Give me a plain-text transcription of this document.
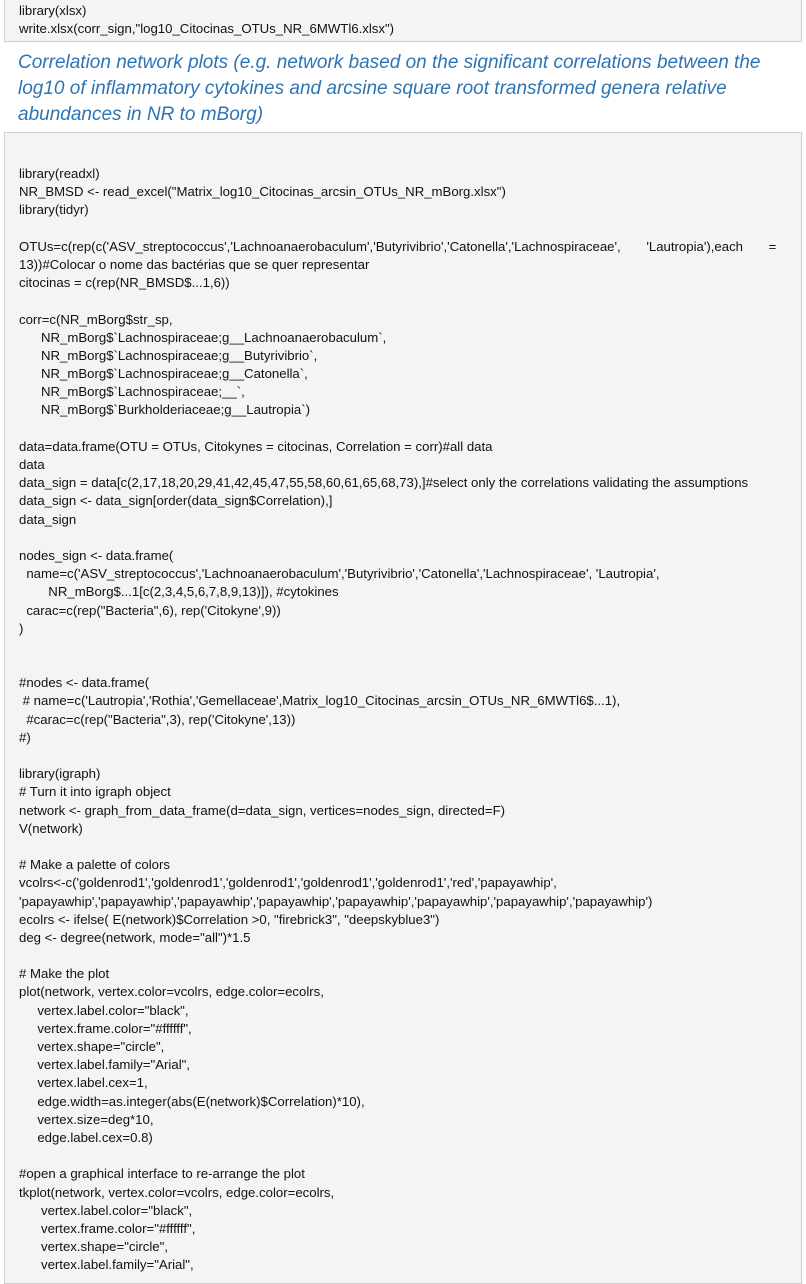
library(xlsx)
write.xlsx(corr_sign,"log10_Citocinas_OTUs_NR_6MWTl6.xlsx")
Correlation network plots (e.g. network based on the significant correlations between the log10 of inflammatory cytokines and arcsine square root transformed genera relative abundances in NR to mBorg)
library(readxl)
NR_BMSD <- read_excel("Matrix_log10_Citocinas_arcsin_OTUs_NR_mBorg.xlsx")
library(tidyr)

OTUs=c(rep(c('ASV_streptococcus','Lachnoanaerobaculum','Butyrivibrio','Catonella','Lachnospiraceae',       'Lautropia'),each       =
13))#Colocar o nome das bactérias que se quer representar
citocinas = c(rep(NR_BMSD$...1,6))

corr=c(NR_mBorg$str_sp,
NR_mBorg$`Lachnospiraceae;g__Lachnoanaerobaculum`,
NR_mBorg$`Lachnospiraceae;g__Butyrivibrio`,
NR_mBorg$`Lachnospiraceae;g__Catonella`,
NR_mBorg$`Lachnospiraceae;__`,
NR_mBorg$`Burkholderiaceae;g__Lautropia`)

data=data.frame(OTU = OTUs, Citokynes = citocinas, Correlation = corr)#all data
data
data_sign = data[c(2,17,18,20,29,41,42,45,47,55,58,60,61,65,68,73),]#select only the correlations validating the assumptions
data_sign <- data_sign[order(data_sign$Correlation),]
data_sign

nodes_sign <- data.frame(
name=c('ASV_streptococcus','Lachnoanaerobaculum','Butyrivibrio','Catonella','Lachnospiraceae', 'Lautropia',
NR_mBorg$...1[c(2,3,4,5,6,7,8,9,13)]), #cytokines
carac=c(rep("Bacteria",6), rep('Citokyne',9))
)

#nodes <- data.frame(
# name=c('Lautropia','Rothia','Gemellaceae',Matrix_log10_Citocinas_arcsin_OTUs_NR_6MWTl6$...1),
#carac=c(rep("Bacteria",3), rep('Citokyne',13))
#)

library(igraph)
# Turn it into igraph object
network <- graph_from_data_frame(d=data_sign, vertices=nodes_sign, directed=F)
V(network)

# Make a palette of colors
vcolrs<-c('goldenrod1','goldenrod1','goldenrod1','goldenrod1','goldenrod1','red','papayawhip',
'papayawhip','papayawhip','papayawhip','papayawhip','papayawhip','papayawhip','papayawhip','papayawhip')
ecolrs <- ifelse( E(network)$Correlation >0, "firebrick3", "deepskyblue3")
deg <- degree(network, mode="all")*1.5

# Make the plot
plot(network, vertex.color=vcolrs, edge.color=ecolrs,
vertex.label.color="black",
vertex.frame.color="#ffffff",
vertex.shape="circle",
vertex.label.family="Arial",
vertex.label.cex=1,
edge.width=as.integer(abs(E(network)$Correlation)*10),
vertex.size=deg*10,
edge.label.cex=0.8)

#open a graphical interface to re-arrange the plot
tkplot(network, vertex.color=vcolrs, edge.color=ecolrs,
vertex.label.color="black",
vertex.frame.color="#ffffff",
vertex.shape="circle",
vertex.label.family="Arial",
